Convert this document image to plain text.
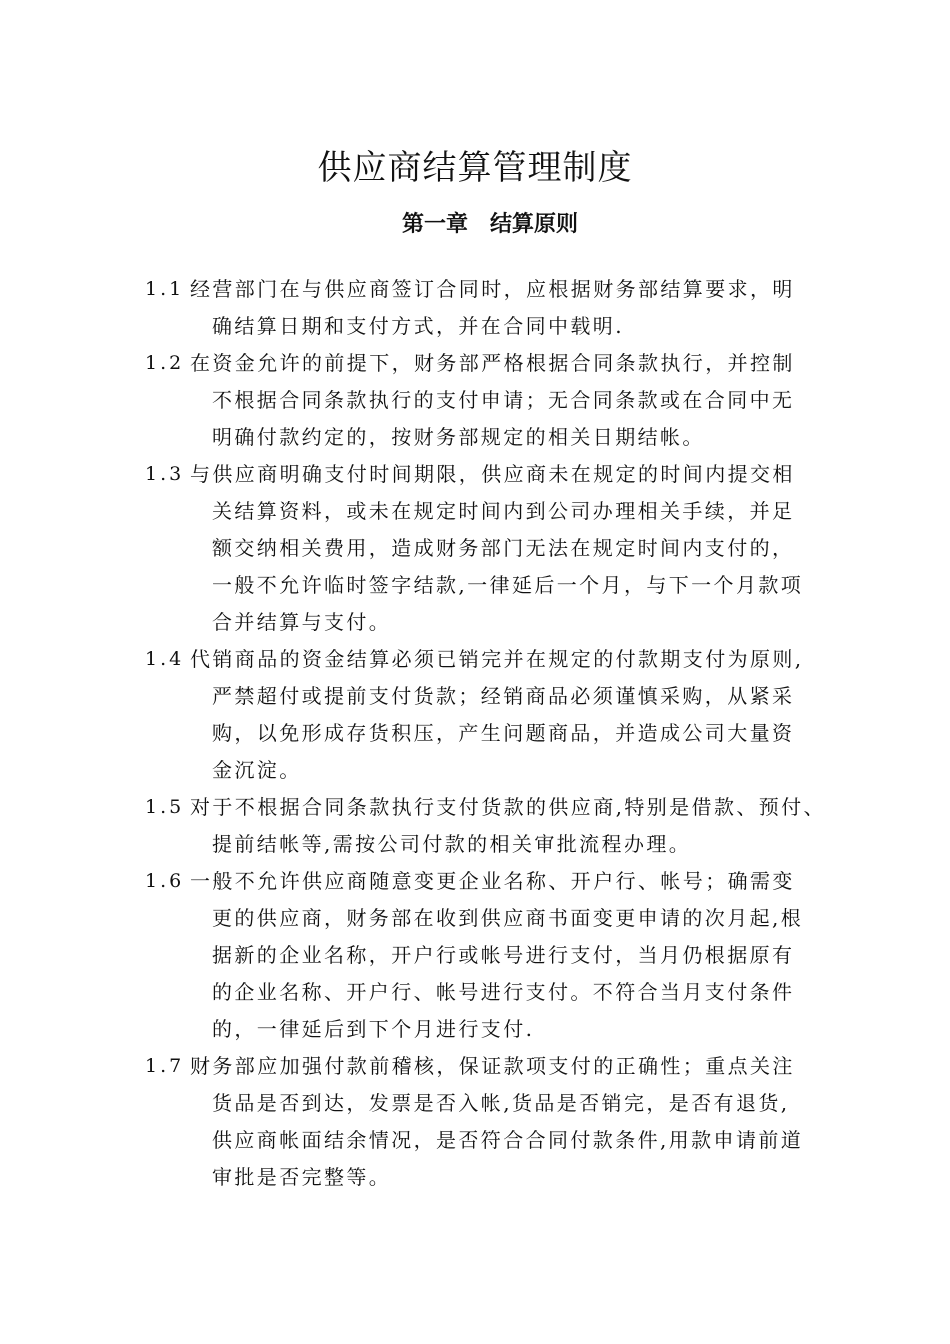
供应商结算管理制度
第一章　结算原则
1.1 经营部门在与供应商签订合同时，应根据财务部结算要求，明
确结算日期和支付方式，并在合同中载明.
1.2 在资金允许的前提下，财务部严格根据合同条款执行，并控制
不根据合同条款执行的支付申请；无合同条款或在合同中无
明确付款约定的，按财务部规定的相关日期结帐。
1.3 与供应商明确支付时间期限，供应商未在规定的时间内提交相
关结算资料，或未在规定时间内到公司办理相关手续，并足
额交纳相关费用，造成财务部门无法在规定时间内支付的，
一般不允许临时签字结款,一律延后一个月，与下一个月款项
合并结算与支付。
1.4 代销商品的资金结算必须已销完并在规定的付款期支付为原则,
严禁超付或提前支付货款；经销商品必须谨慎采购，从紧采
购，以免形成存货积压，产生问题商品，并造成公司大量资
金沉淀。
1.5 对于不根据合同条款执行支付货款的供应商,特别是借款、预付、
提前结帐等,需按公司付款的相关审批流程办理。
1.6 一般不允许供应商随意变更企业名称、开户行、帐号；确需变
更的供应商，财务部在收到供应商书面变更申请的次月起,根
据新的企业名称，开户行或帐号进行支付，当月仍根据原有
的企业名称、开户行、帐号进行支付。不符合当月支付条件
的，一律延后到下个月进行支付.
1.7 财务部应加强付款前稽核，保证款项支付的正确性；重点关注
货品是否到达，发票是否入帐,货品是否销完，是否有退货,
供应商帐面结余情况，是否符合合同付款条件,用款申请前道
审批是否完整等。
